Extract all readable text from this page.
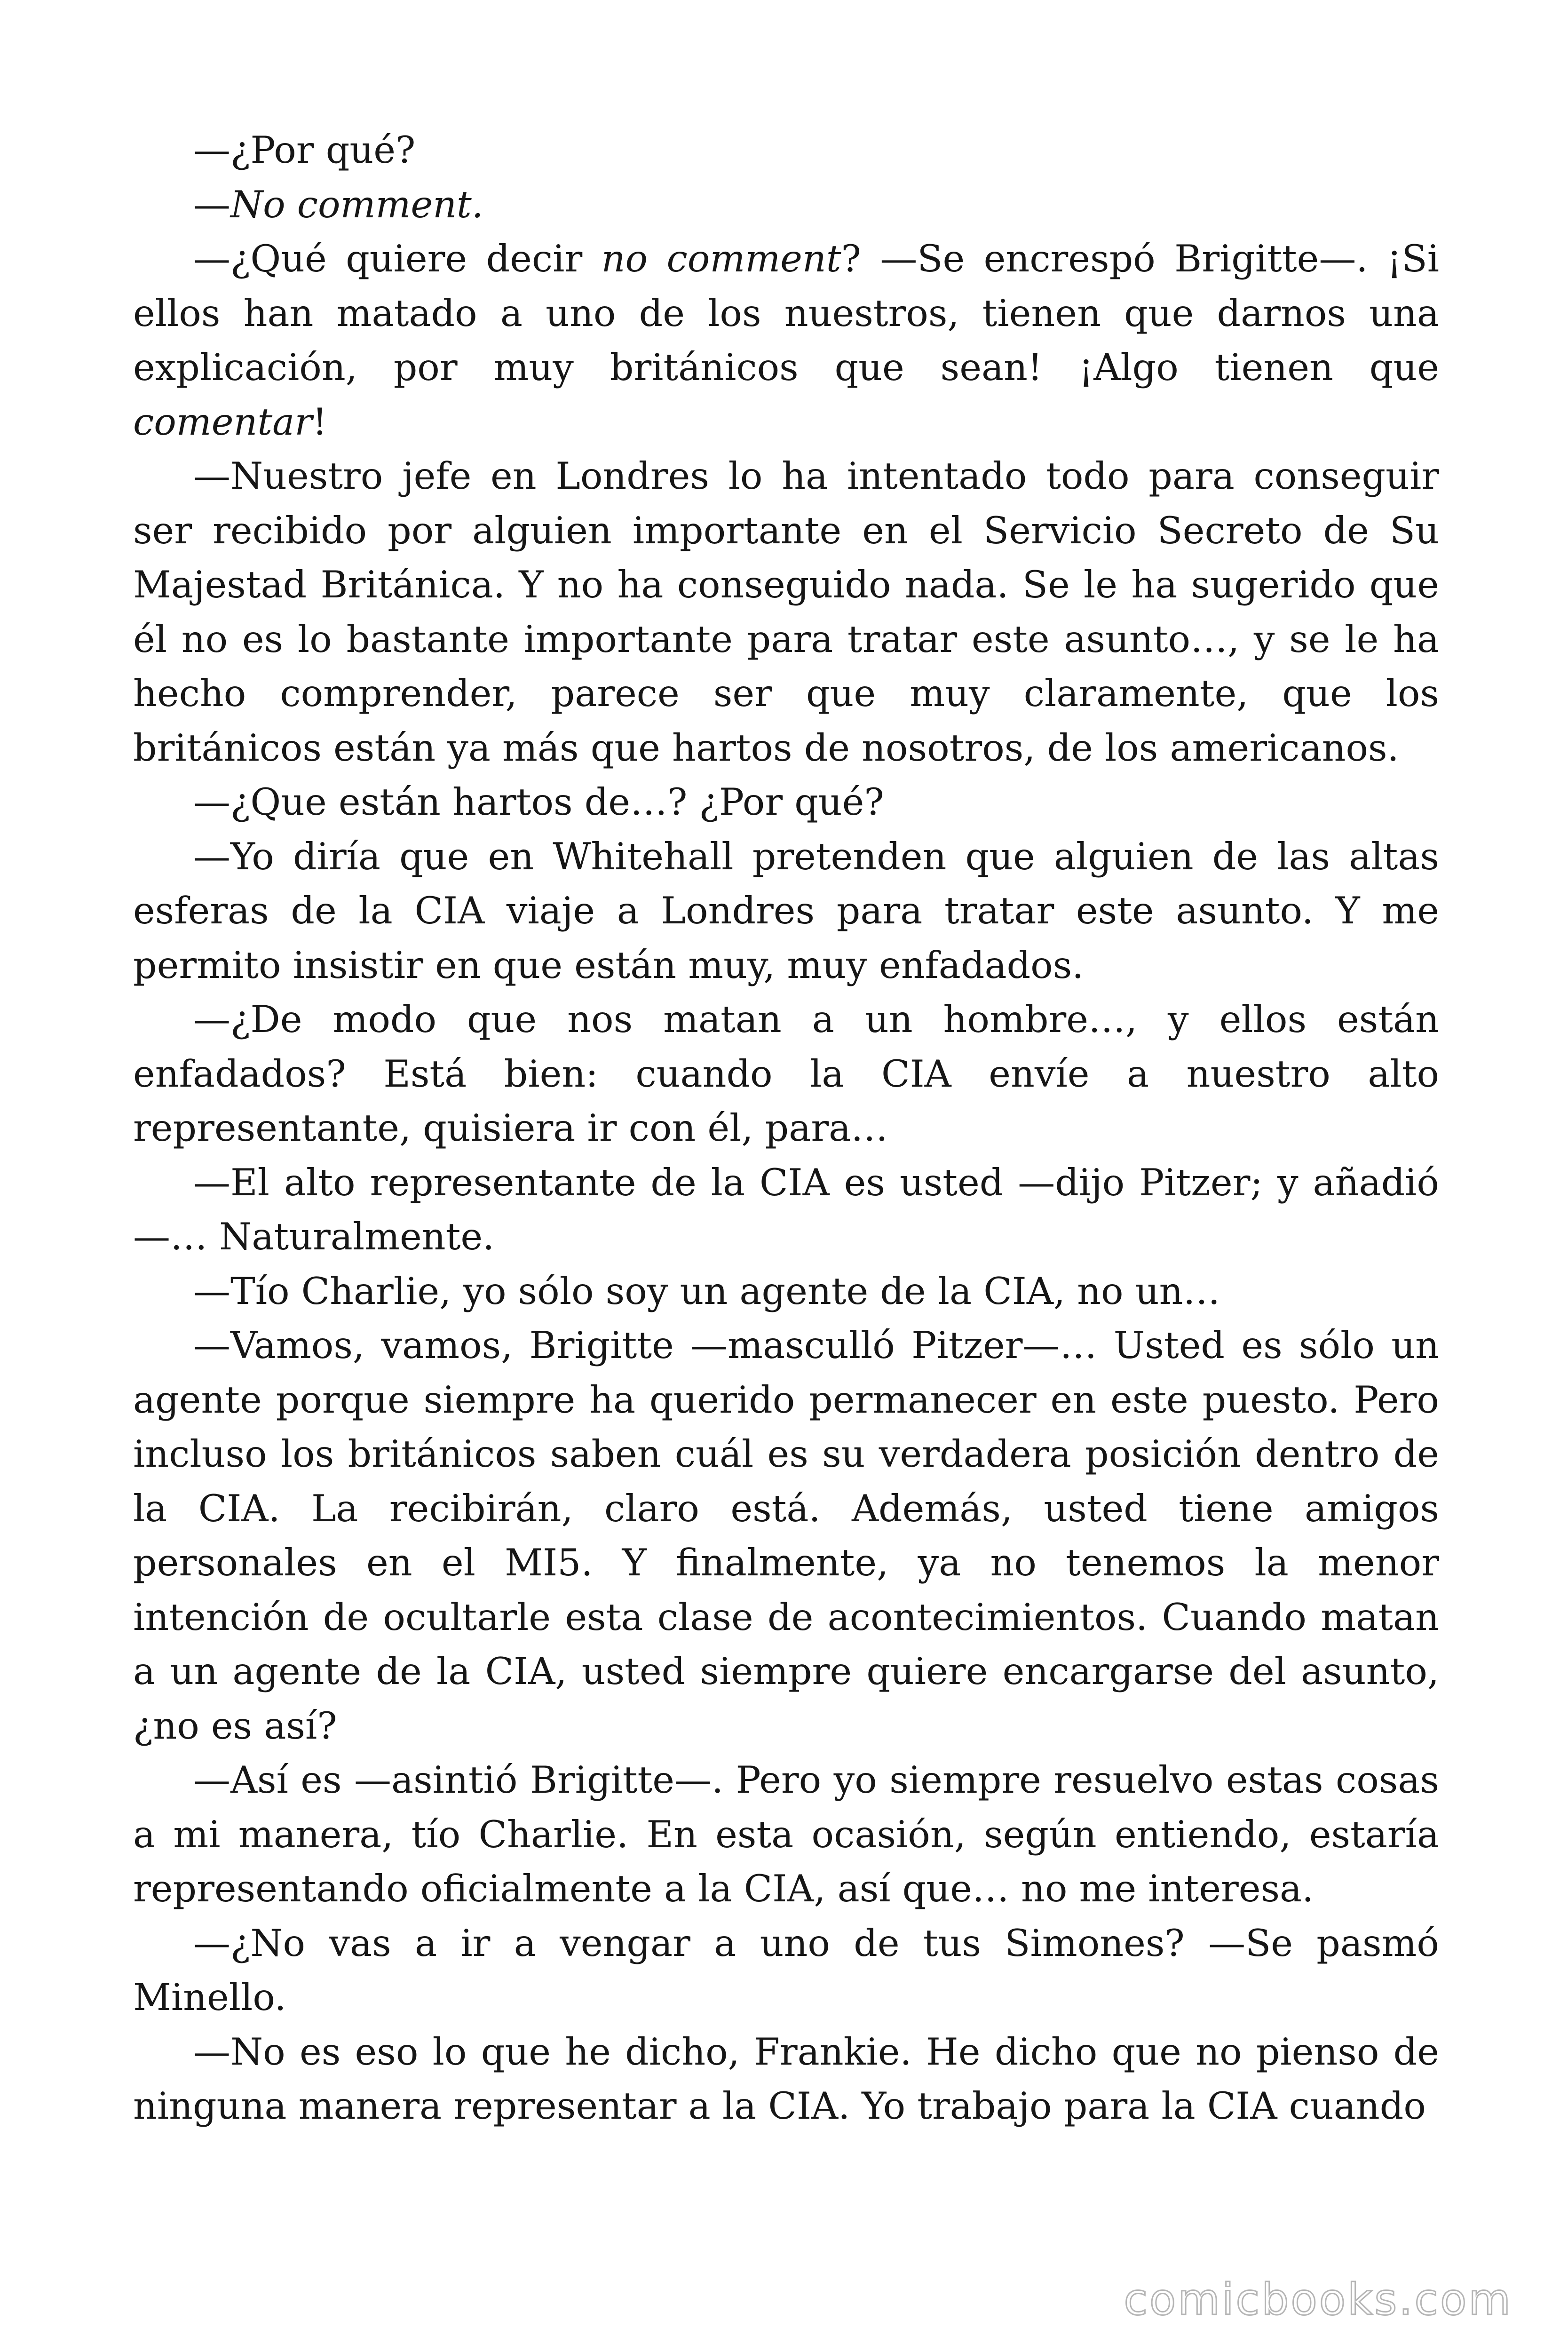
—¿Por qué?

—No comment.

—¿Qué quiere decir no comment? —Se encrespó Brigitte—. ¡Si ellos han matado a uno de los nuestros, tienen que darnos una explicación, por muy británicos que sean! ¡Algo tienen que comentar!

—Nuestro jefe en Londres lo ha intentado todo para conseguir ser recibido por alguien importante en el Servicio Secreto de Su Majestad Británica. Y no ha conseguido nada. Se le ha sugerido que él no es lo bastante importante para tratar este asunto…, y se le ha hecho comprender, parece ser que muy claramente, que los británicos están ya más que hartos de nosotros, de los americanos.

—¿Que están hartos de…? ¿Por qué?

—Yo diría que en Whitehall pretenden que alguien de las altas esferas de la CIA viaje a Londres para tratar este asunto. Y me permito insistir en que están muy, muy enfadados.

—¿De modo que nos matan a un hombre…, y ellos están enfadados? Está bien: cuando la CIA envíe a nuestro alto representante, quisiera ir con él, para…

—El alto representante de la CIA es usted —dijo Pitzer; y añadió —… Naturalmente.

—Tío Charlie, yo sólo soy un agente de la CIA, no un…

—Vamos, vamos, Brigitte —masculló Pitzer—… Usted es sólo un agente porque siempre ha querido permanecer en este puesto. Pero incluso los británicos saben cuál es su verdadera posición dentro de la CIA. La recibirán, claro está. Además, usted tiene amigos personales en el MI5. Y finalmente, ya no tenemos la menor intención de ocultarle esta clase de acontecimientos. Cuando matan a un agente de la CIA, usted siempre quiere encargarse del asunto, ¿no es así?

—Así es —asintió Brigitte—. Pero yo siempre resuelvo estas cosas a mi manera, tío Charlie. En esta ocasión, según entiendo, estaría representando oficialmente a la CIA, así que… no me interesa.

—¿No vas a ir a vengar a uno de tus Simones? —Se pasmó Minello.

—No es eso lo que he dicho, Frankie. He dicho que no pienso de ninguna manera representar a la CIA. Yo trabajo para la CIA cuando

comicbooks.com
